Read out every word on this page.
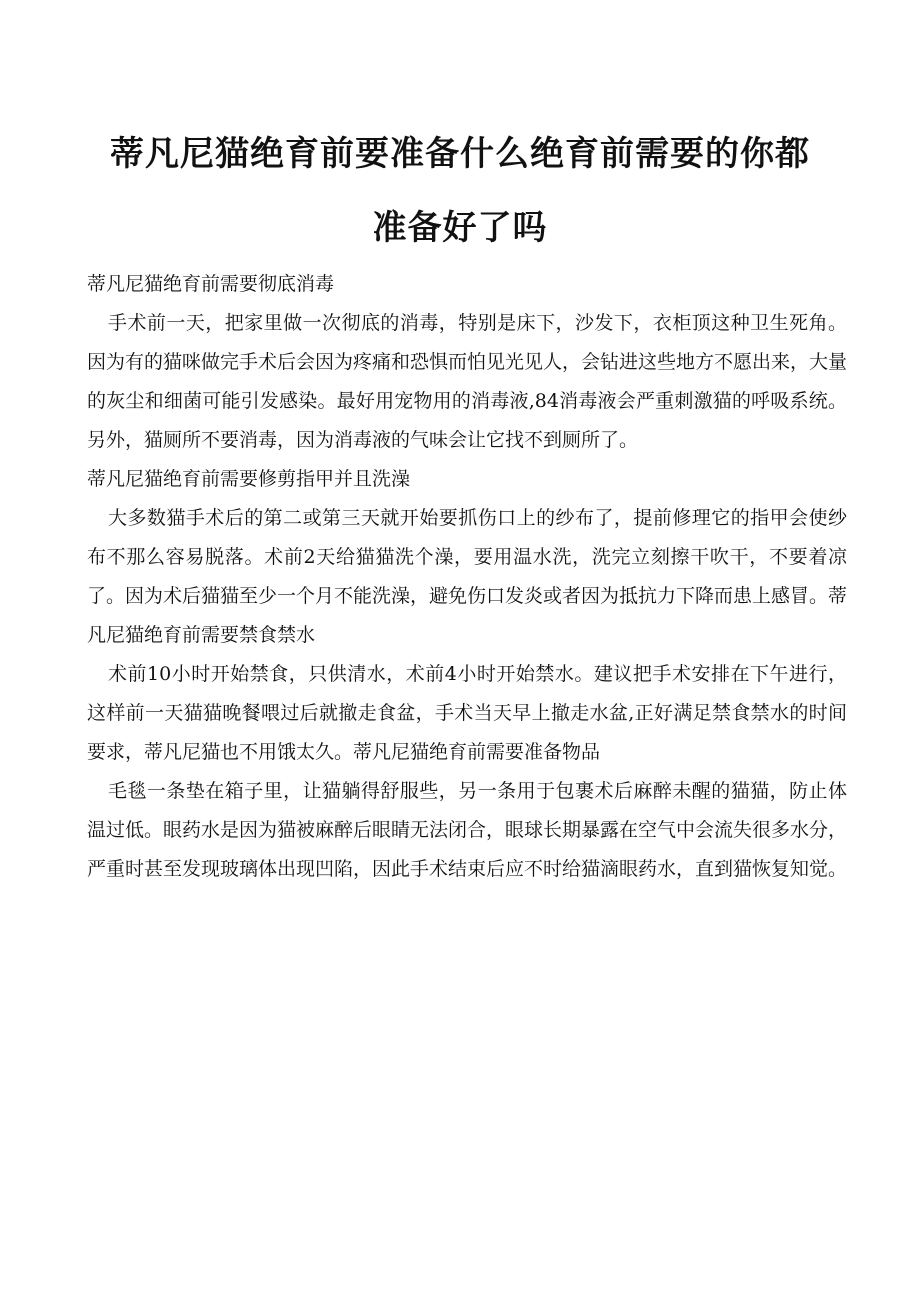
蒂凡尼猫绝育前要准备什么绝育前需要的你都
准备好了吗

蒂凡尼猫绝育前需要彻底消毒

手术前一天，把家里做一次彻底的消毒，特别是床下，沙发下，衣柜顶这种卫生死角。因为有的猫咪做完手术后会因为疼痛和恐惧而怕见光见人，会钻进这些地方不愿出来，大量的灰尘和细菌可能引发感染。最好用宠物用的消毒液,84消毒液会严重刺激猫的呼吸系统。另外，猫厕所不要消毒，因为消毒液的气味会让它找不到厕所了。

蒂凡尼猫绝育前需要修剪指甲并且洗澡

大多数猫手术后的第二或第三天就开始要抓伤口上的纱布了，提前修理它的指甲会使纱布不那么容易脱落。术前2天给猫猫洗个澡，要用温水洗，洗完立刻擦干吹干，不要着凉了。因为术后猫猫至少一个月不能洗澡，避免伤口发炎或者因为抵抗力下降而患上感冒。蒂凡尼猫绝育前需要禁食禁水

术前10小时开始禁食，只供清水，术前4小时开始禁水。建议把手术安排在下午进行，这样前一天猫猫晚餐喂过后就撤走食盆，手术当天早上撤走水盆,正好满足禁食禁水的时间要求，蒂凡尼猫也不用饿太久。蒂凡尼猫绝育前需要准备物品

毛毯一条垫在箱子里，让猫躺得舒服些，另一条用于包裹术后麻醉未醒的猫猫，防止体温过低。眼药水是因为猫被麻醉后眼睛无法闭合，眼球长期暴露在空气中会流失很多水分，严重时甚至发现玻璃体出现凹陷，因此手术结束后应不时给猫滴眼药水，直到猫恢复知觉。
